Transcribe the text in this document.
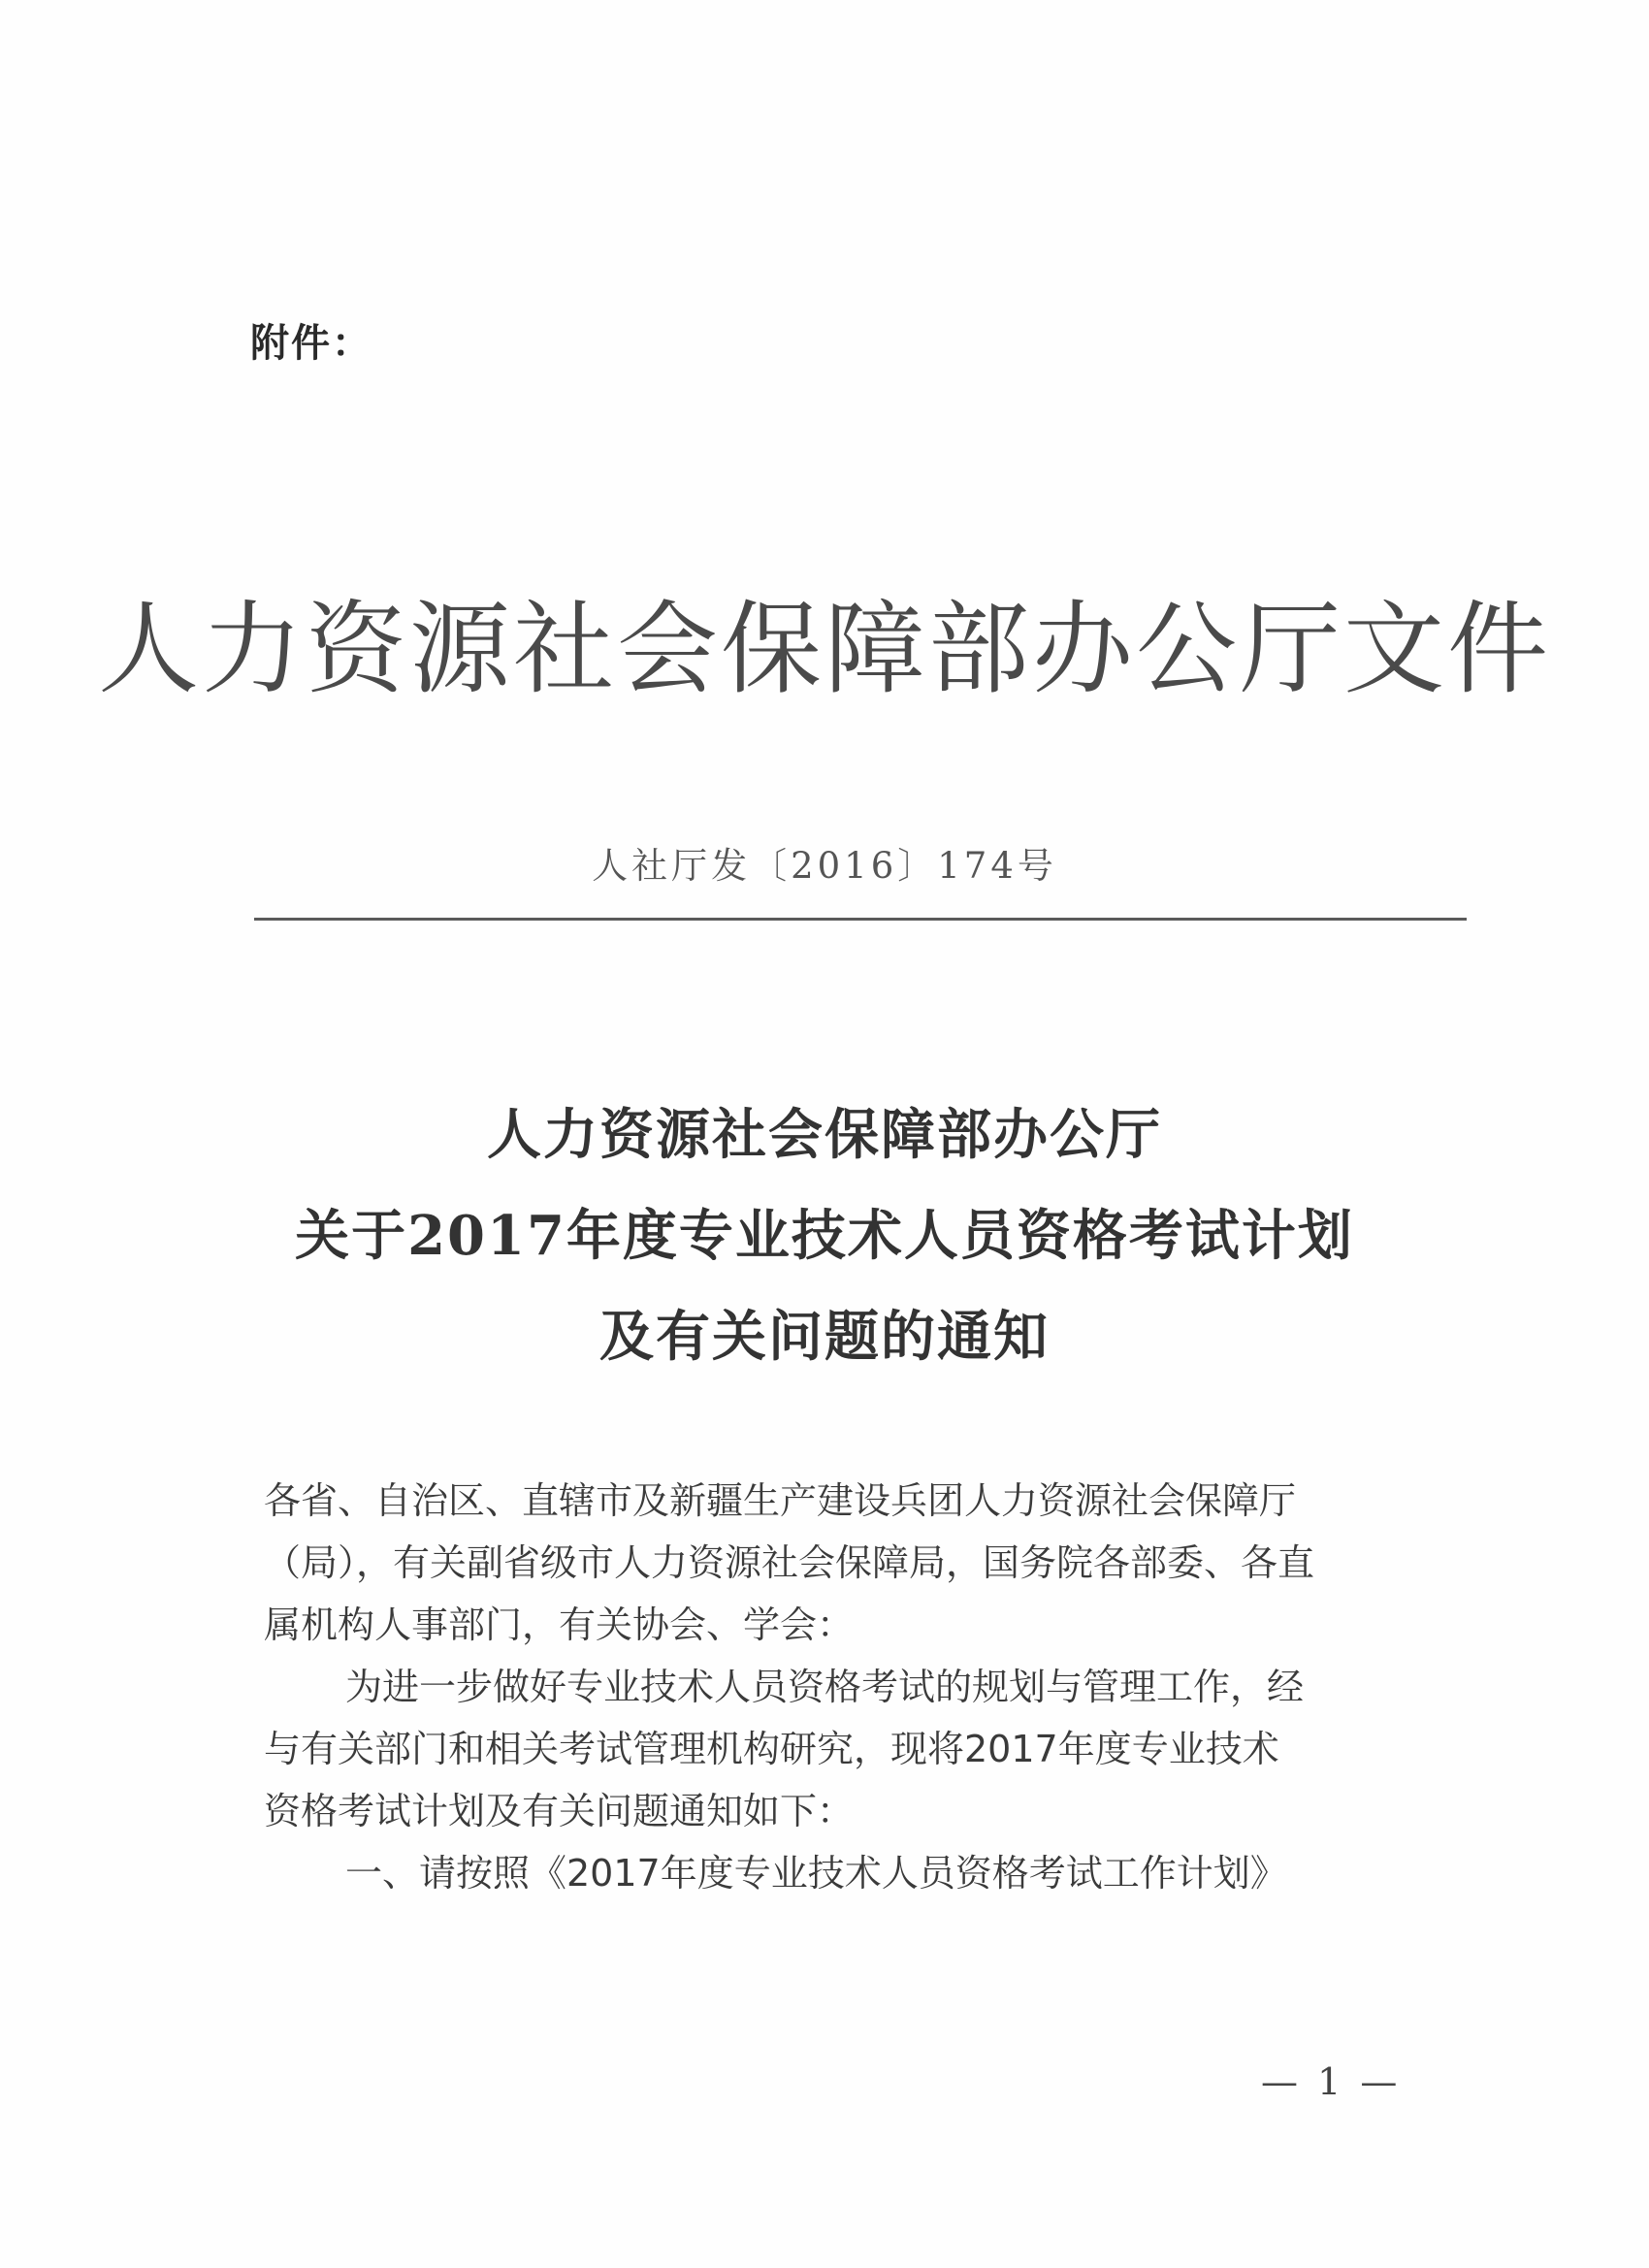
附件：
人力资源社会保障部办公厅文件
人社厅发〔2016〕174号
人力资源社会保障部办公厅
关于2017年度专业技术人员资格考试计划
及有关问题的通知
各省、自治区、直辖市及新疆生产建设兵团人力资源社会保障厅
（局），有关副省级市人力资源社会保障局，国务院各部委、各直
属机构人事部门，有关协会、学会：
为进一步做好专业技术人员资格考试的规划与管理工作，经
与有关部门和相关考试管理机构研究，现将2017年度专业技术
资格考试计划及有关问题通知如下：
一、请按照《2017年度专业技术人员资格考试工作计划》
— 1 —
